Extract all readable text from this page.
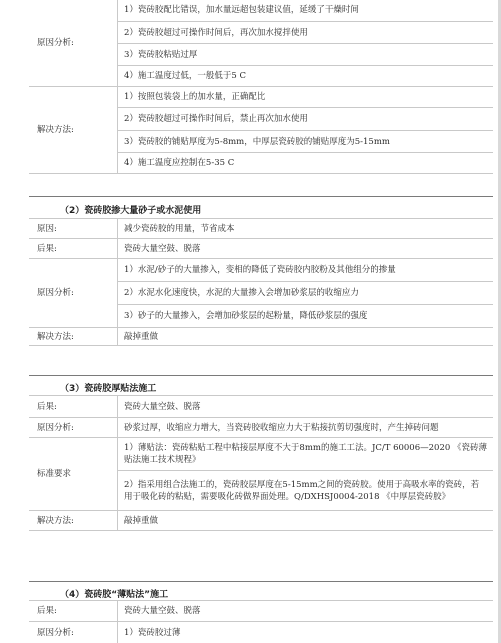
原因分析:	1）瓷砖胶配比错误，加水量远超包装建议值，延缓了干燥时间
	2）瓷砖胶超过可操作时间后，再次加水搅拌使用
	3）瓷砖胶粘贴过厚
	4）施工温度过低，一般低于5 C
解决方法:	1）按照包装袋上的加水量，正确配比
	2）瓷砖胶超过可操作时间后，禁止再次加水使用
	3）瓷砖胶的铺贴厚度为5-8mm，中厚层瓷砖胶的铺贴厚度为5-15mm
	4）施工温度应控制在5-35 C
（2）瓷砖胶掺大量砂子或水泥使用
原因:	减少瓷砖胶的用量，节省成本
后果:	瓷砖大量空鼓、脱落
原因分析:	1）水泥/砂子的大量掺入，变相的降低了瓷砖胶内胶粉及其他组分的掺量
	2）水泥水化速度快，水泥的大量掺入会增加砂浆层的收缩应力
	3）砂子的大量掺入，会增加砂浆层的起粉量，降低砂浆层的强度
解决方法:	敲掉重做
（3）瓷砖胶厚贴法施工
后果:	瓷砖大量空鼓、脱落
原因分析:	砂浆过厚，收缩应力增大，当瓷砖胶收缩应力大于粘接抗剪切强度时，产生掉砖问题
标准要求	1）薄贴法：瓷砖粘贴工程中粘接层厚度不大于8mm的施工工法。JC/T 60006—2020 《瓷砖薄贴法施工技术规程》
	2）指采用组合法施工的，瓷砖胶层厚度在5-15mm之间的瓷砖胶。使用于高吸水率的瓷砖，若用于吸化砖的粘贴，需要吸化砖做界面处理。Q/DXHSJ0004-2018 《中厚层瓷砖胶》
解决方法:	敲掉重做
（4）瓷砖胶“薄贴法”施工
后果:	瓷砖大量空鼓、脱落
原因分析:	1）瓷砖胶过薄
